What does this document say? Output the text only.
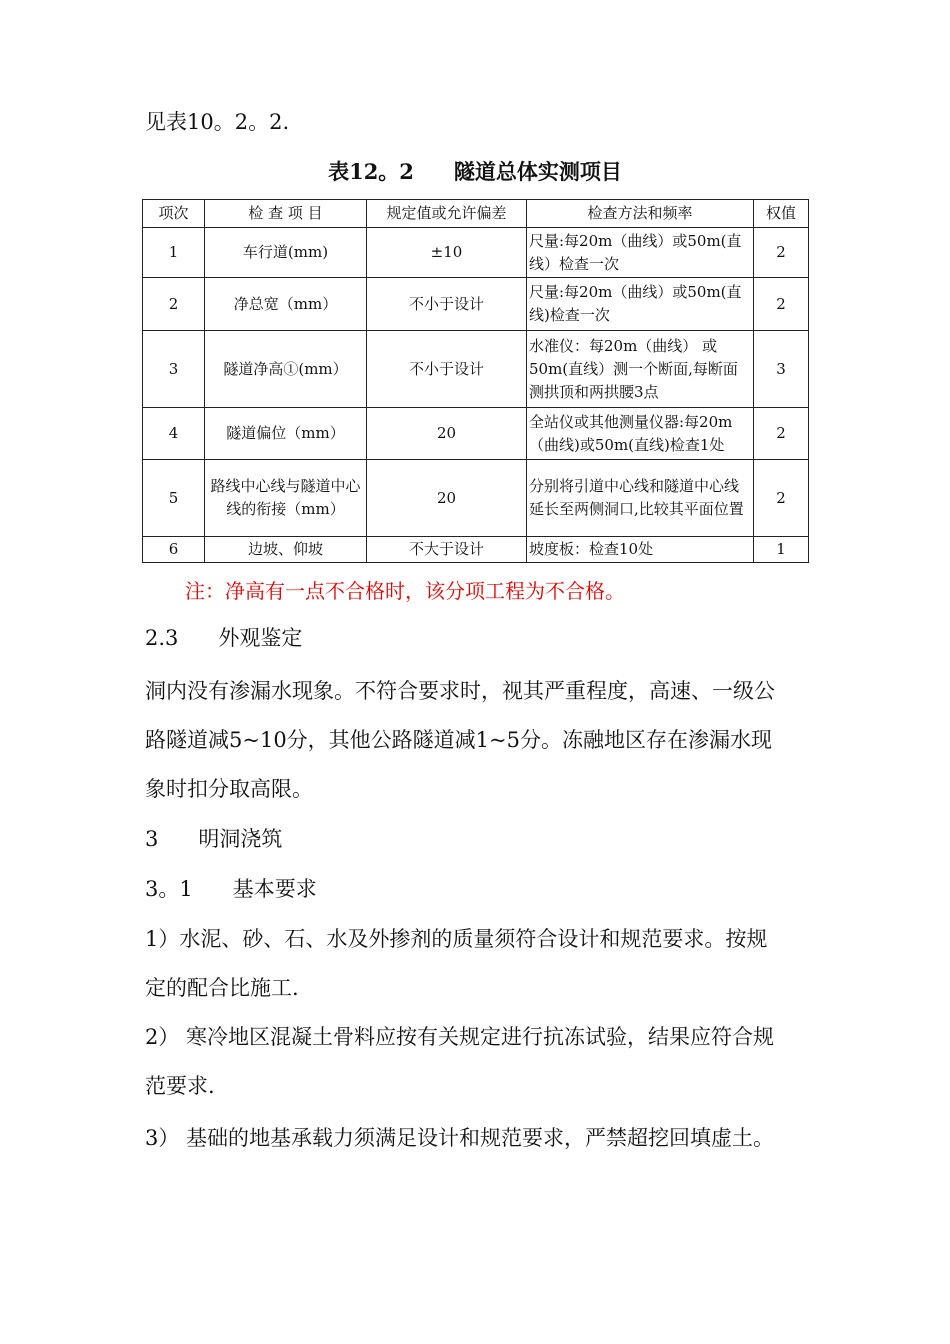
见表10。2。2.
表12。2 隧道总体实测项目
项次	检 查 项 目	规定值或允许偏差	检查方法和频率	权值
1	车行道(mm)	±10	尺量:每20m（曲线）或50m(直线）检查一次	2
2	净总宽（mm）	不小于设计	尺量:每20m（曲线）或50m(直线)检查一次	2
3	隧道净高①(mm）	不小于设计	水准仪：每20m（曲线） 或50m(直线）测一个断面,每断面测拱顶和两拱腰3点	3
4	隧道偏位（mm）	20	全站仪或其他测量仪器:每20m（曲线)或50m(直线)检查1处	2
5	路线中心线与隧道中心线的衔接（mm）	20	分别将引道中心线和隧道中心线延长至两侧洞口,比较其平面位置	2
6	边坡、仰坡	不大于设计	坡度板：检查10处	1
注：净高有一点不合格时，该分项工程为不合格。
2.3 外观鉴定
洞内没有渗漏水现象。不符合要求时，视其严重程度，高速、一级公
路隧道减5~10分，其他公路隧道减1~5分。冻融地区存在渗漏水现
象时扣分取高限。
3 明洞浇筑
3。1 基本要求
1）水泥、砂、石、水及外掺剂的质量须符合设计和规范要求。按规
定的配合比施工.
2） 寒冷地区混凝土骨料应按有关规定进行抗冻试验，结果应符合规
范要求.
3） 基础的地基承载力须满足设计和规范要求，严禁超挖回填虚土。
